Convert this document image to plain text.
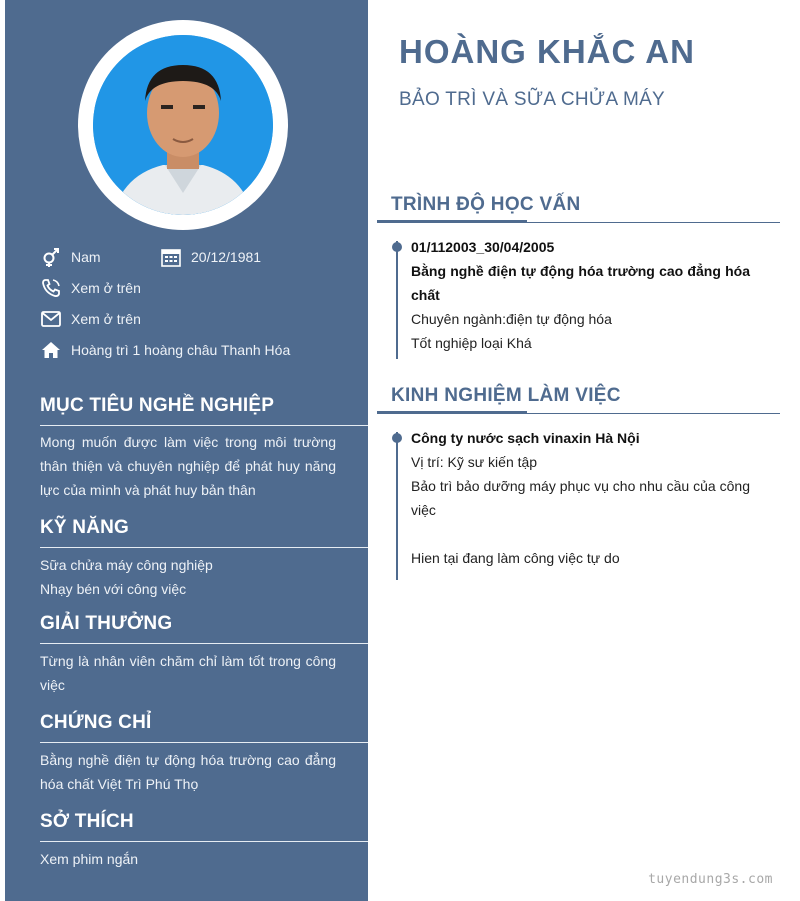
Nam	20/12/1981
Xem ở trên
Xem ở trên
Hoàng trì 1 hoàng châu Thanh Hóa
MỤC TIÊU NGHỀ NGHIỆP
Mong muốn được làm việc trong môi trường thân thiện và chuyên nghiệp để phát huy năng lực của mình và phát huy bản thân
KỸ NĂNG
Sữa chửa máy công nghiệp
Nhạy bén với công việc
GIẢI THƯỞNG
Từng là nhân viên chăm chỉ làm tốt trong công việc
CHỨNG CHỈ
Bằng nghề điện tự động hóa trường cao đẳng hóa chất Việt Trì Phú Thọ
SỞ THÍCH
Xem phim ngắn
HOÀNG KHẮC AN
BẢO TRÌ VÀ SỮA CHỬA MÁY
TRÌNH ĐỘ HỌC VẤN
01/112003_30/04/2005
Bằng nghề điện tự động hóa trường cao đẳng hóa chất
Chuyên ngành:điện tự động hóa
Tốt nghiệp loại Khá
KINH NGHIỆM LÀM VIỆC
Công ty nước sạch vinaxin Hà Nội
Vị trí: Kỹ sư kiến tập
Bảo trì bảo dưỡng máy phục vụ cho nhu cầu của công việc
Hien tại đang làm công việc tự do
tuyendung3s.com
